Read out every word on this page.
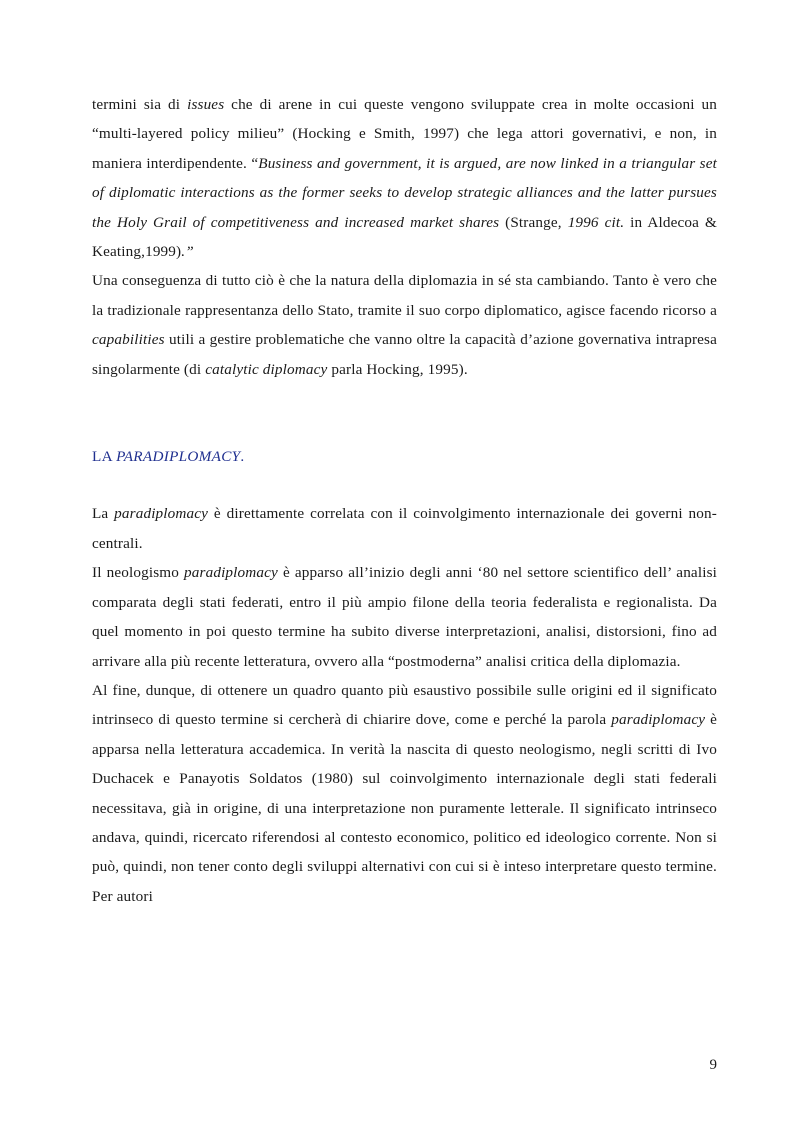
termini sia di issues che di arene in cui queste vengono sviluppate crea in molte occasioni un “multi-layered policy milieu” (Hocking e Smith, 1997) che lega attori governativi, e non, in maniera interdipendente. “Business and government, it is argued, are now linked in a triangular set of diplomatic interactions as the former seeks to develop strategic alliances and the latter pursues the Holy Grail of competitiveness and increased market shares (Strange, 1996 cit. in Aldecoa & Keating,1999).”

Una conseguenza di tutto ciò è che la natura della diplomazia in sé sta cambiando. Tanto è vero che la tradizionale rappresentanza dello Stato, tramite il suo corpo diplomatico, agisce facendo ricorso a capabilities utili a gestire problematiche che vanno oltre la capacità d’azione governativa intrapresa singolarmente (di catalytic diplomacy parla Hocking, 1995).

LA PARADIPLOMACY.

La paradiplomacy è direttamente correlata con il coinvolgimento internazionale dei governi non-centrali.

Il neologismo paradiplomacy è apparso all’inizio degli anni ‘80 nel settore scientifico dell’ analisi comparata degli stati federati, entro il più ampio filone della teoria federalista e regionalista. Da quel momento in poi questo termine ha subito diverse interpretazioni, analisi, distorsioni, fino ad arrivare alla più recente letteratura, ovvero alla “postmoderna” analisi critica della diplomazia.

Al fine, dunque, di ottenere un quadro quanto più esaustivo possibile sulle origini ed il significato intrinseco di questo termine si cercherà di chiarire dove, come e perché la parola paradiplomacy è apparsa nella letteratura accademica. In verità la nascita di questo neologismo, negli scritti di Ivo Duchacek e Panayotis Soldatos (1980) sul coinvolgimento internazionale degli stati federali necessitava, già in origine, di una interpretazione non puramente letterale. Il significato intrinseco andava, quindi, ricercato riferendosi al contesto economico, politico ed ideologico corrente. Non si può, quindi, non tener conto degli sviluppi alternativi con cui si è inteso interpretare questo termine. Per autori

9
